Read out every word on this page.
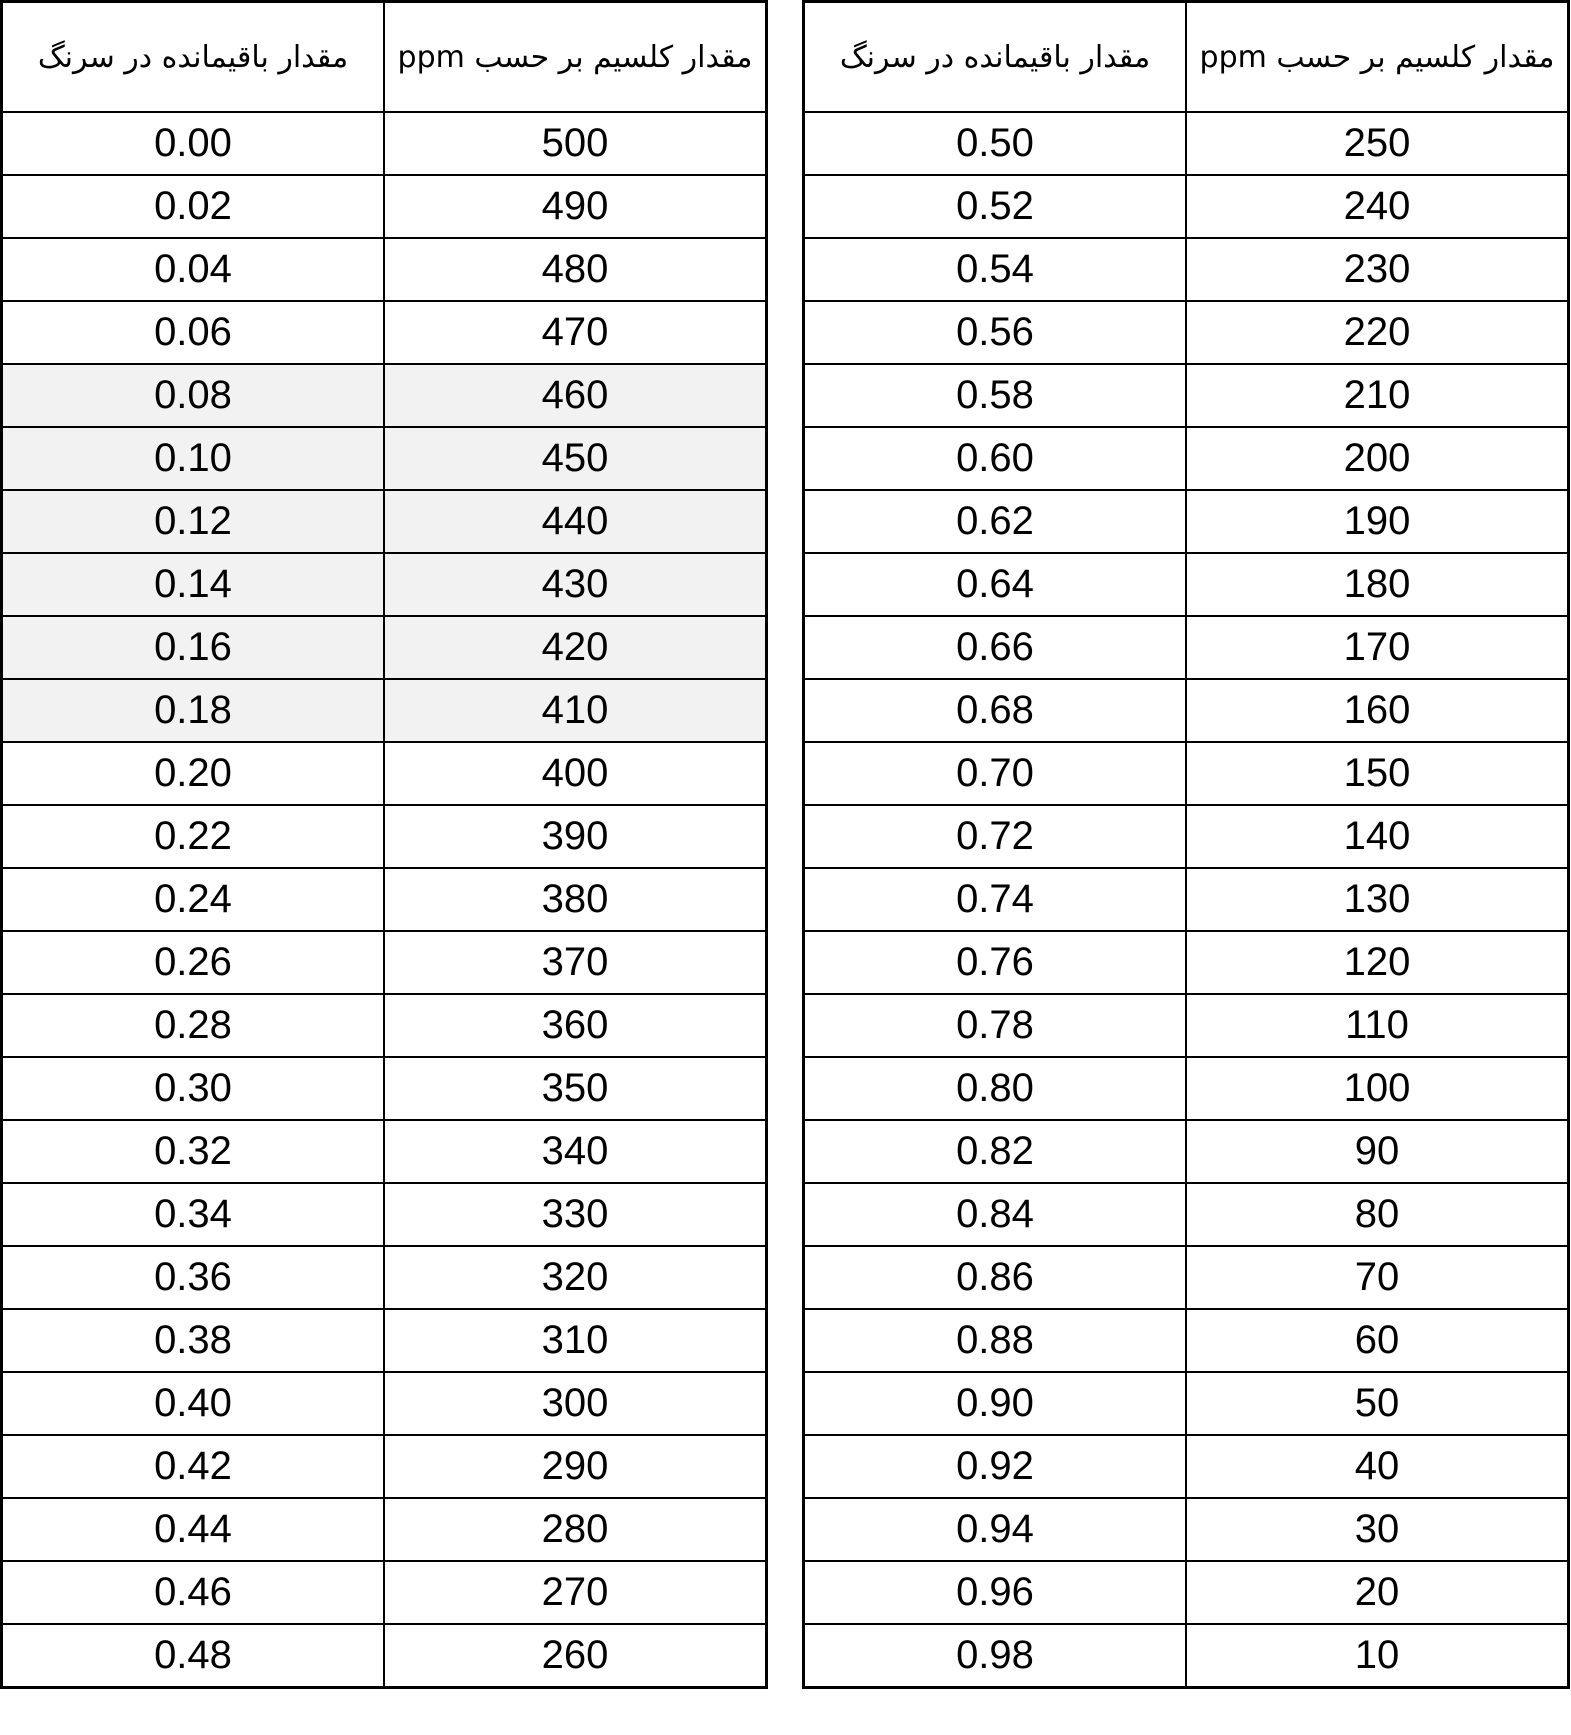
مقدار باقیمانده در سرنگ	مقدار کلسیم بر حسب ppm
0.00	500
0.02	490
0.04	480
0.06	470
0.08	460
0.10	450
0.12	440
0.14	430
0.16	420
0.18	410
0.20	400
0.22	390
0.24	380
0.26	370
0.28	360
0.30	350
0.32	340
0.34	330
0.36	320
0.38	310
0.40	300
0.42	290
0.44	280
0.46	270
0.48	260
مقدار باقیمانده در سرنگ	مقدار کلسیم بر حسب ppm
0.50	250
0.52	240
0.54	230
0.56	220
0.58	210
0.60	200
0.62	190
0.64	180
0.66	170
0.68	160
0.70	150
0.72	140
0.74	130
0.76	120
0.78	110
0.80	100
0.82	90
0.84	80
0.86	70
0.88	60
0.90	50
0.92	40
0.94	30
0.96	20
0.98	10
